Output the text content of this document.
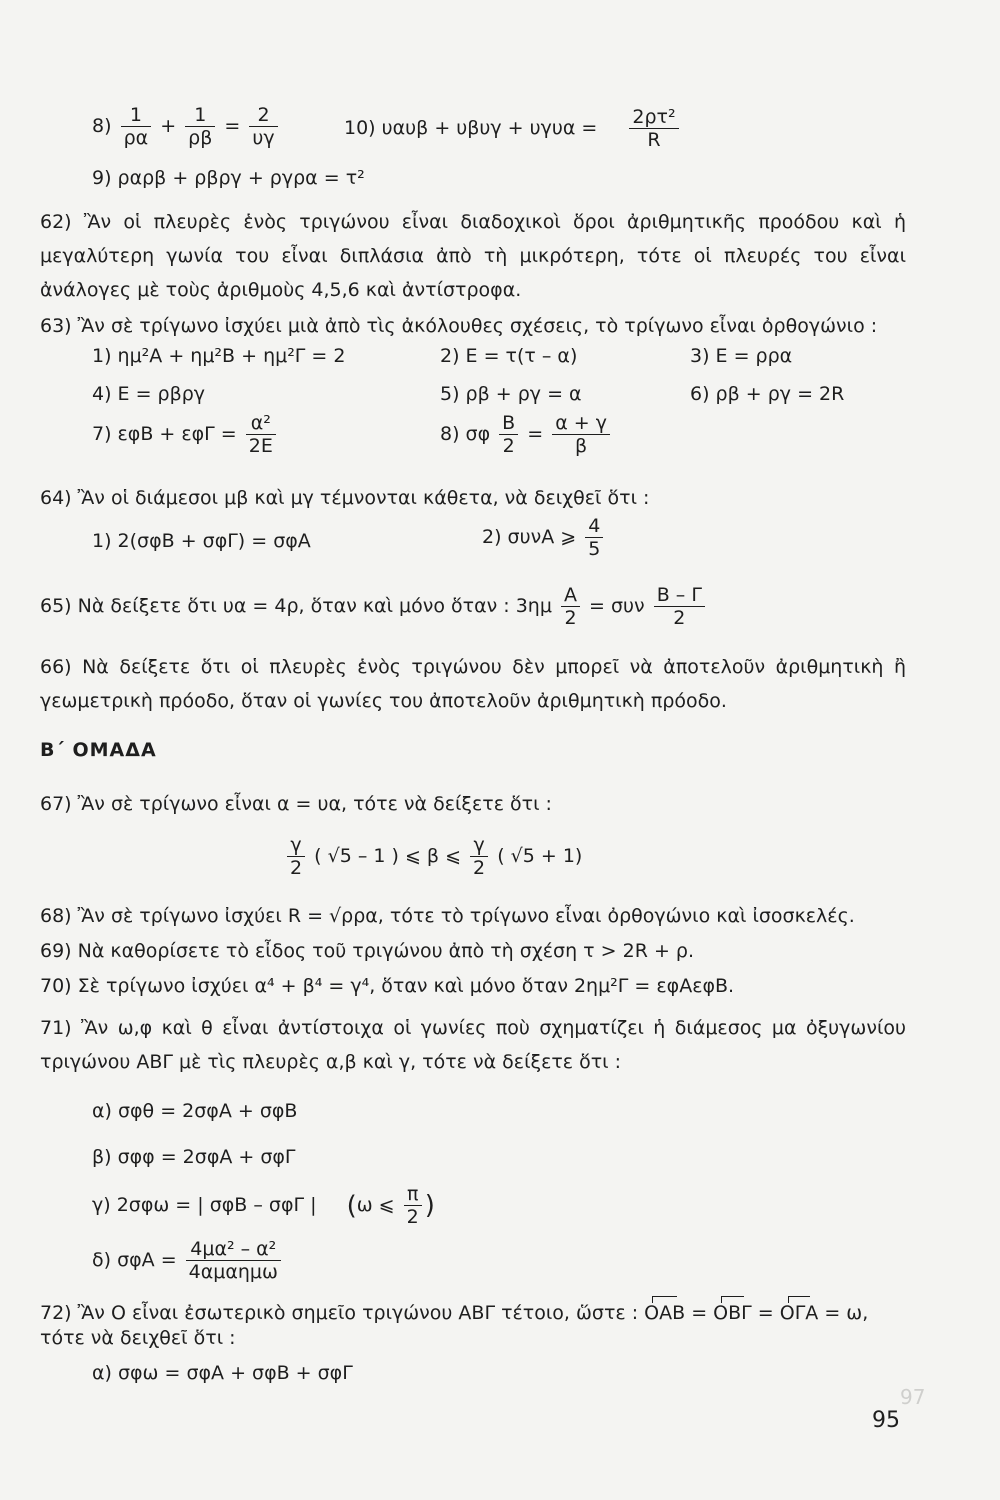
$8) \frac{1}{\rho\alpha} + \frac{1}{\rho\beta} = \frac{2}{\upsilon\gamma}$	10) $\upsilon\alpha\upsilon\beta + \upsilon\beta\upsilon\gamma + \upsilon\gamma\upsilon\alpha = \frac{\text{2ρτ²}}{R}$
9) ραρβ + ρβργ + ργρα = τ²
62) Ἂν οἱ πλευρὲς ἑνὸς τριγώνου εἶναι διαδοχικοὶ ὅροι ἀριθμητικῆς προόδου καὶ ἡ μεγαλύτερη γωνία του εἶναι διπλάσια ἀπὸ τὴ μικρότερη, τότε οἱ πλευρές του εἶναι ἀνάλογες μὲ τοὺς ἀριθμοὺς 4,5,6 καὶ ἀντίστροφα.
63) Ἂν σὲ τρίγωνο ἰσχύει μιὰ ἀπὸ τὶς ἀκόλουθες σχέσεις, τὸ τρίγωνο εἶναι ὀρθογώνιο :
1) ημ²Α + ημ²Β + ημ²Γ = 2	2) Ε = τ(τ – α)	3) Ε = ρρα
4) Ε = ρβργ	5) ρβ + ργ = α	6) ρβ + ργ = 2R
7) $\varepsilon\varphi B + \varepsilon\varphi\Gamma = \frac{\text{α²}}{2E}$	8) σφ $\frac{B}{2} = \frac{\alpha + \gamma}{\beta}$
64) Ἂν οἱ διάμεσοι μβ καὶ μγ τέμνονται κάθετα, νὰ δειχθεῖ ὅτι :
1) 2(σφΒ + σφΓ) = σφΑ	2) συνΑ ⩾ $\frac{4}{5}$
65) Νὰ δείξετε ὅτι υα = 4ρ, ὅταν καὶ μόνο ὅταν : $3\eta\mu \frac{A}{2} = \sigma\upsilon\nu \frac{B - \Gamma}{2}$
66) Νὰ δείξετε ὅτι οἱ πλευρὲς ἑνὸς τριγώνου δὲν μπορεῖ νὰ ἀποτελοῦν ἀριθμητικὴ ἢ γεωμετρικὴ πρόοδο, ὅταν οἱ γωνίες του ἀποτελοῦν ἀριθμητικὴ πρόοδο.
Β΄ ΟΜΑΔΑ
67) Ἂν σὲ τρίγωνο εἶναι α = υα, τότε νὰ δείξετε ὅτι :
$\frac{\gamma}{2}$ ( √5 – 1 ) ⩽ β ⩽ $\frac{\gamma}{2}$ ( √5 + 1)
68) Ἂν σὲ τρίγωνο ἰσχύει R = √ρρα, τότε τὸ τρίγωνο εἶναι ὀρθογώνιο καὶ ἰσοσκελές.
69) Νὰ καθορίσετε τὸ εἶδος τοῦ τριγώνου ἀπὸ τὴ σχέση τ > 2R + ρ.
70) Σὲ τρίγωνο ἰσχύει α⁴ + β⁴ = γ⁴, ὅταν καὶ μόνο ὅταν 2ημ²Γ = εφΑεφΒ.
71) Ἂν ω,φ καὶ θ εἶναι ἀντίστοιχα οἱ γωνίες ποὺ σχηματίζει ἡ διάμεσος μα ὀξυγωνίου τριγώνου ΑΒΓ μὲ τὶς πλευρὲς α,β καὶ γ, τότε νὰ δείξετε ὅτι :
α) σφθ = 2σφΑ + σφΒ
β) σφφ = 2σφΑ + σφΓ
γ) 2σφω = | σφΒ – σφΓ | (ω ⩽ $\frac{\pi}{2}$ )
δ) $\sigma\varphi A = \frac{\text{4μα² – α²}}{\text{4αμαημω}}$
72) Ἂν Ο εἶναι ἐσωτερικὸ σημεῖο τριγώνου ΑΒΓ τέτοιο, ὥστε : ΟΑΒ = ΟΒΓ = ΟΓΑ = ω,
τότε νὰ δειχθεῖ ὅτι :
α) σφω = σφΑ + σφΒ + σφΓ
97
95
